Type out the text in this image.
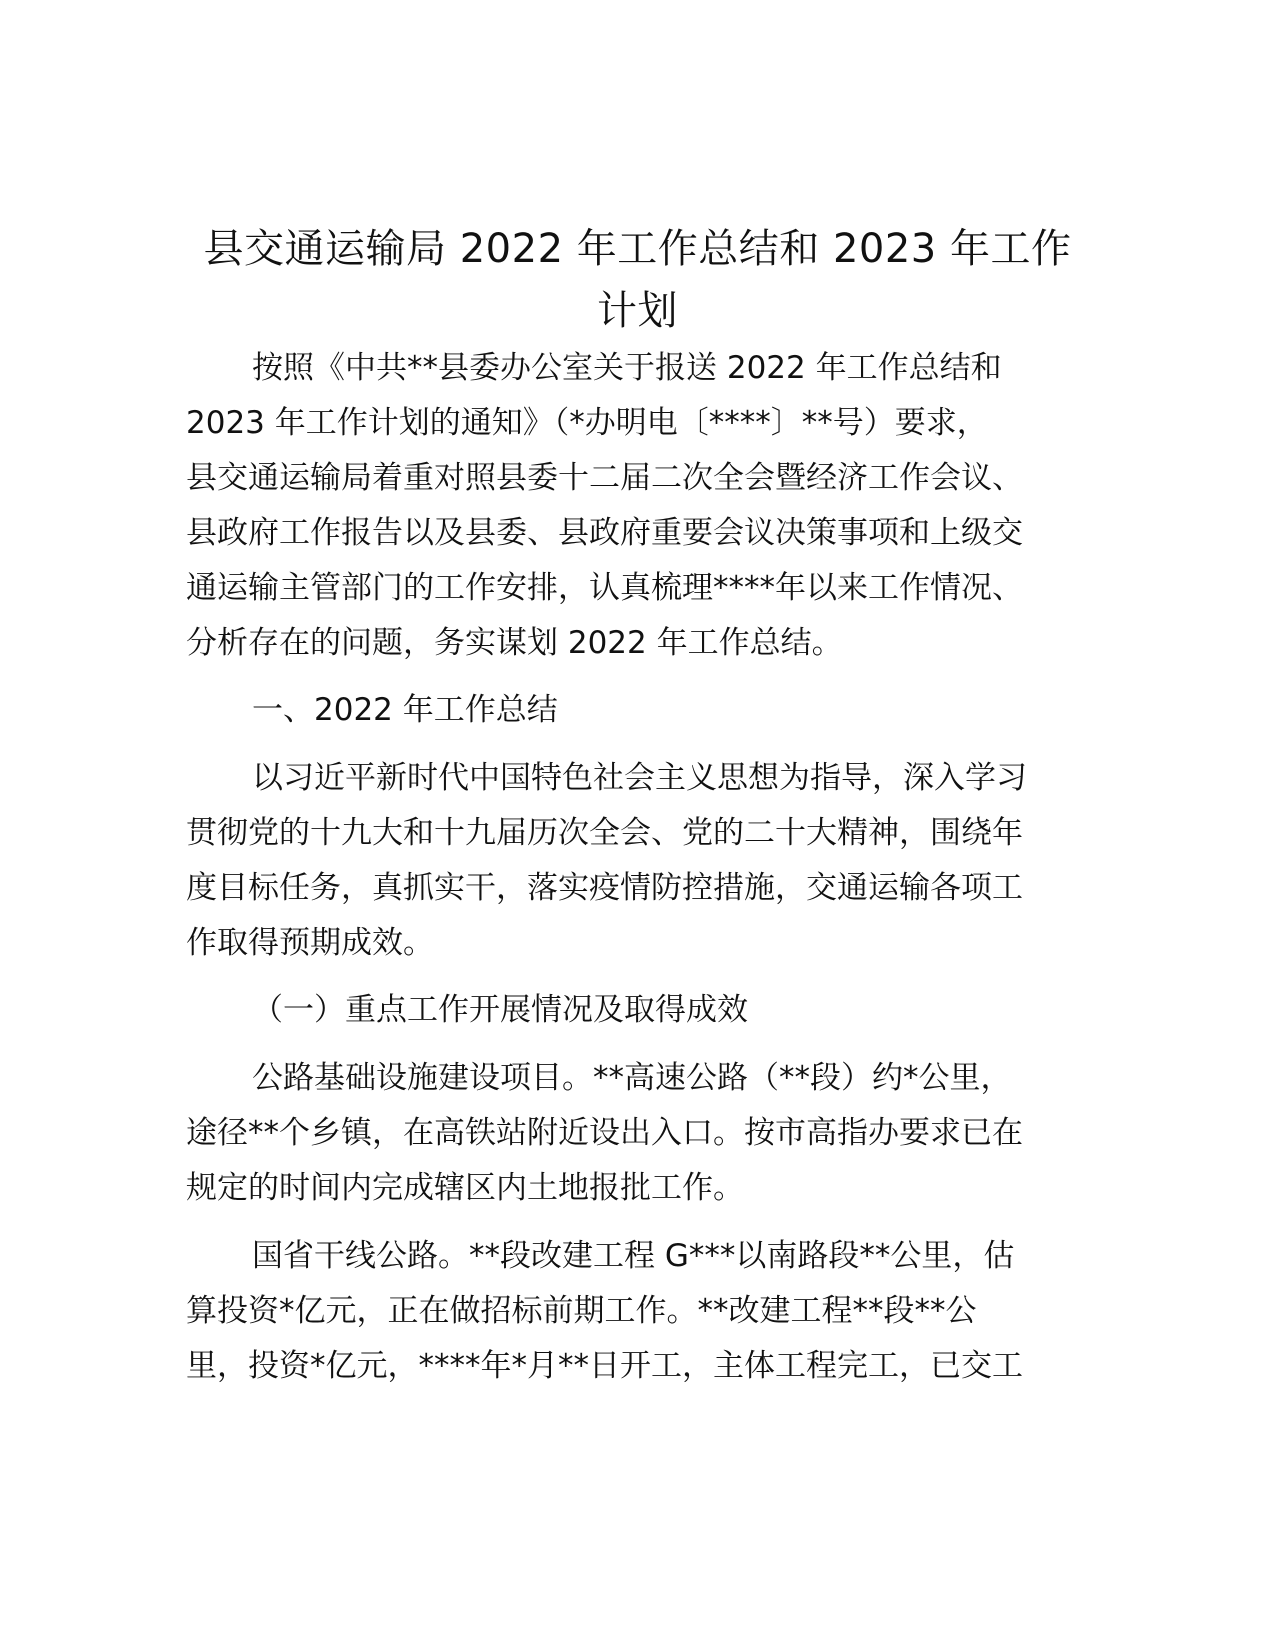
县交通运输局 2022 年工作总结和 2023 年工作
计划

按照《中共**县委办公室关于报送 2022 年工作总结和

2023 年工作计划的通知》（*办明电〔****〕**号）要求，

县交通运输局着重对照县委十二届二次全会暨经济工作会议、

县政府工作报告以及县委、县政府重要会议决策事项和上级交

通运输主管部门的工作安排，认真梳理****年以来工作情况、

分析存在的问题，务实谋划 2022 年工作总结。

一、2022 年工作总结

以习近平新时代中国特色社会主义思想为指导，深入学习

贯彻党的十九大和十九届历次全会、党的二十大精神，围绕年

度目标任务，真抓实干，落实疫情防控措施，交通运输各项工

作取得预期成效。

（一）重点工作开展情况及取得成效

公路基础设施建设项目。**高速公路（**段）约*公里，

途径**个乡镇，在高铁站附近设出入口。按市高指办要求已在

规定的时间内完成辖区内土地报批工作。

国省干线公路。**段改建工程 G***以南路段**公里，估

算投资*亿元，正在做招标前期工作。**改建工程**段**公

里，投资*亿元，****年*月**日开工，主体工程完工，已交工
